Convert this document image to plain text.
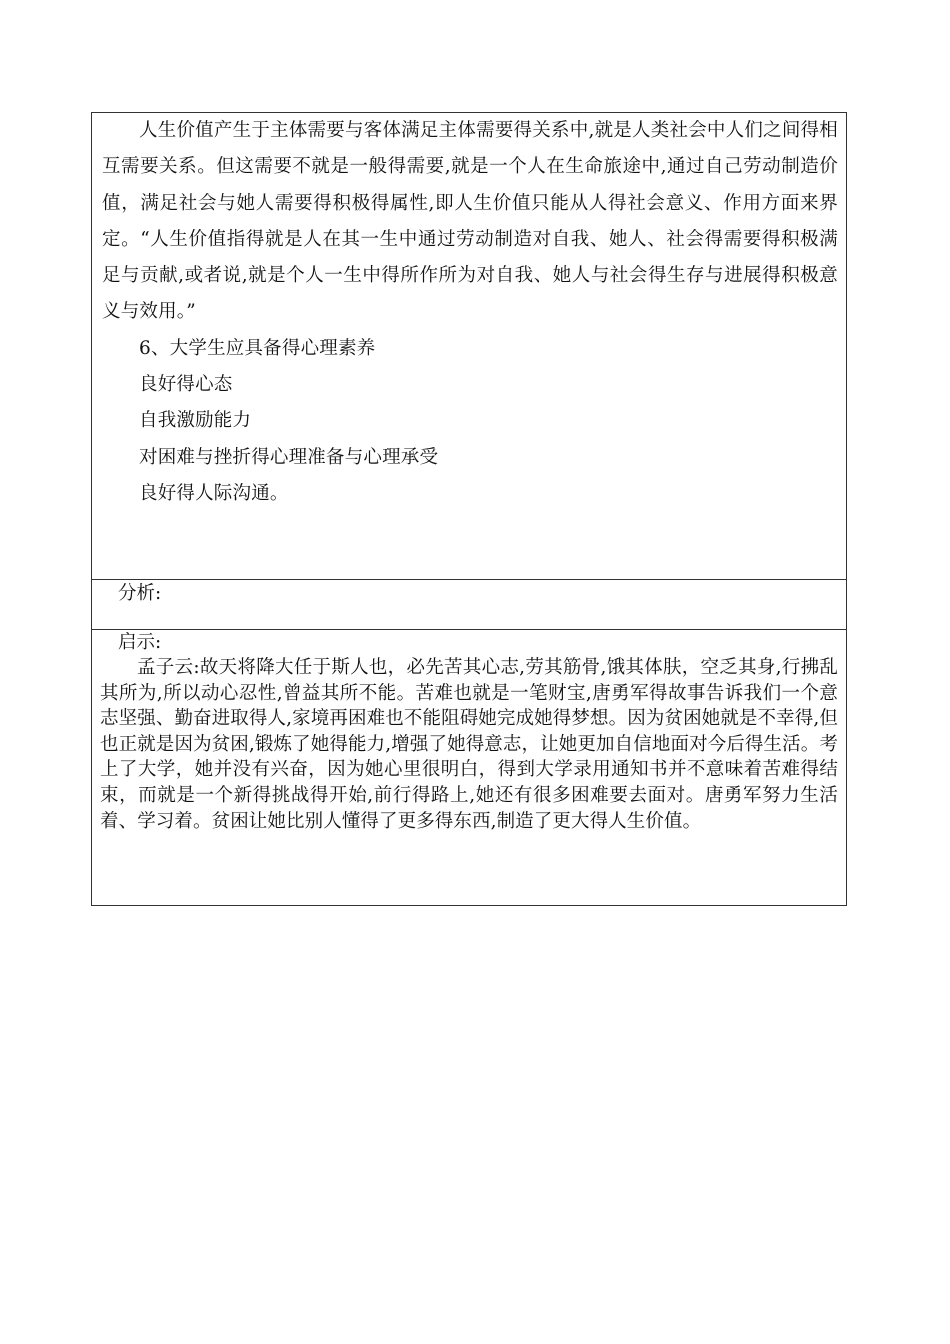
人生价值产生于主体需要与客体满足主体需要得关系中,就是人类社会中人们之间得相互需要关系。但这需要不就是一般得需要,就是一个人在生命旅途中,通过自己劳动制造价值，满足社会与她人需要得积极得属性,即人生价值只能从人得社会意义、作用方面来界定。“人生价值指得就是人在其一生中通过劳动制造对自我、她人、社会得需要得积极满足与贡献,或者说,就是个人一生中得所作所为对自我、她人与社会得生存与进展得积极意义与效用。”

6、大学生应具备得心理素养

良好得心态

自我激励能力

对困难与挫折得心理准备与心理承受

良好得人际沟通。

分析:
启示:

孟子云:故天将降大任于斯人也，必先苦其心志,劳其筋骨,饿其体肤，空乏其身,行拂乱其所为,所以动心忍性,曾益其所不能。苦难也就是一笔财宝,唐勇军得故事告诉我们一个意志坚强、勤奋进取得人,家境再困难也不能阻碍她完成她得梦想。因为贫困她就是不幸得,但也正就是因为贫困,锻炼了她得能力,增强了她得意志，让她更加自信地面对今后得生活。考上了大学，她并没有兴奋，因为她心里很明白，得到大学录用通知书并不意味着苦难得结束，而就是一个新得挑战得开始,前行得路上,她还有很多困难要去面对。唐勇军努力生活着、学习着。贫困让她比别人懂得了更多得东西,制造了更大得人生价值。
